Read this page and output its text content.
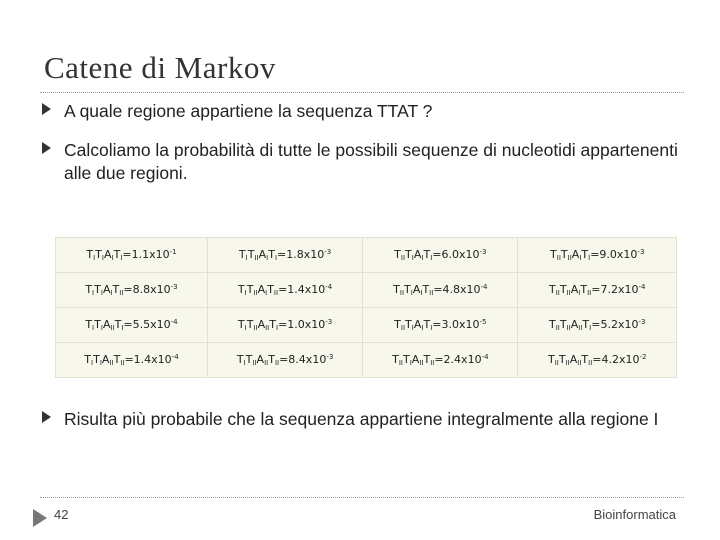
Catene di Markov
A quale regione appartiene la sequenza TTAT ?
Calcoliamo la probabilità di tutte le possibili sequenze di nucleotidi appartenenti alle due regioni.
$T_IT_IA_IT_I=1.1x10^{-1}$	$T_IT_{II}A_IT_I=1.8x10^{-3}$	$T_{II}T_IA_IT_I=6.0x10^{-3}$	$T_{II}T_{II}A_IT_I=9.0x10^{-3}$
$T_IT_IA_IT_{II}=8.8x10^{-3}$	$T_IT_{II}A_IT_{II}=1.4x10^{-4}$	$T_{II}T_IA_IT_{II}=4.8x10^{-4}$	$T_{II}T_{II}A_IT_{II}=7.2x10^{-4}$
$T_IT_IA_{II}T_I=5.5x10^{-4}$	$T_IT_{II}A_{II}T_I=1.0x10^{-3}$	$T_{II}T_IA_IT_I=3.0x10^{-5}$	$T_{II}T_{II}A_{II}T_I=5.2x10^{-3}$
$T_IT_IA_{II}T_{II}=1.4x10^{-4}$	$T_IT_{II}A_{II}T_{II}=8.4x10^{-3}$	$T_{II}T_IA_{II}T_{II}=2.4x10^{-4}$	$T_{II}T_{II}A_{II}T_{II}=4.2x10^{-2}$
Risulta più probabile che la sequenza appartiene integralmente alla regione I
42	Bioinformatica
